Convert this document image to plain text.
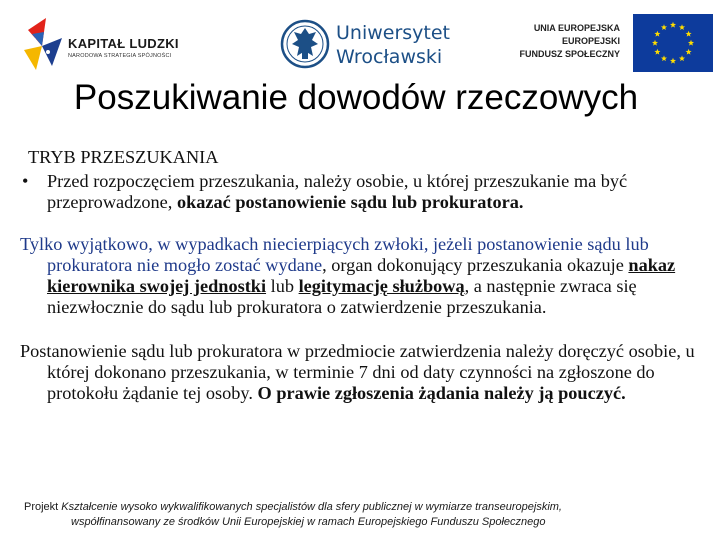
KAPITAŁ LUDZKI
NARODOWA STRATEGIA SPÓJNOŚCI
Uniwersytet
Wrocławski
UNIA EUROPEJSKA
EUROPEJSKI
FUNDUSZ SPOŁECZNY
Poszukiwanie dowodów rzeczowych

TRYB PRZESZUKANIA

• Przed rozpoczęciem przeszukania, należy osobie, u której przeszukanie ma być przeprowadzone, okazać postanowienie sądu lub prokuratora.

Tylko wyjątkowo, w wypadkach niecierpiących zwłoki, jeżeli postanowienie sądu lub prokuratora nie mogło zostać wydane, organ dokonujący przeszukania okazuje nakaz kierownika swojej jednostki lub legitymację służbową, a następnie zwraca się niezwłocznie do sądu lub prokuratora o zatwierdzenie przeszukania.

Postanowienie sądu lub prokuratora w przedmiocie zatwierdzenia należy doręczyć osobie, u której dokonano przeszukania, w terminie 7 dni od daty czynności na zgłoszone do protokołu żądanie tej osoby. O prawie zgłoszenia żądania należy ją pouczyć.

Projekt Kształcenie wysoko wykwalifikowanych specjalistów dla sfery publicznej w wymiarze transeuropejskim,
współfinansowany ze środków Unii Europejskiej w ramach Europejskiego Funduszu Społecznego
